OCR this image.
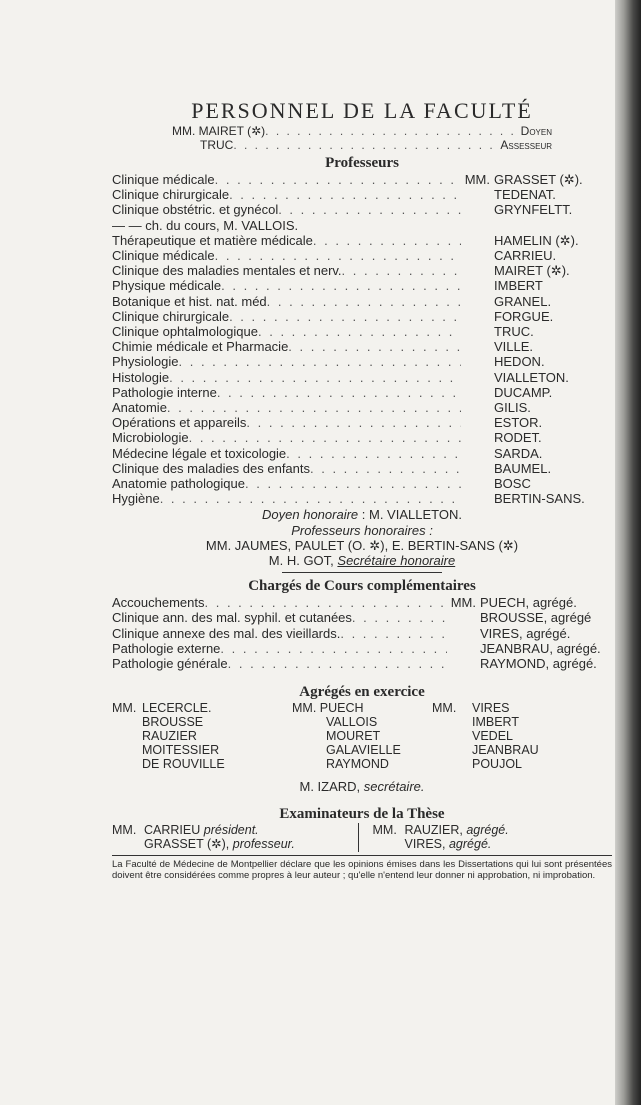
PERSONNEL DE LA FACULTÉ
MM. MAIRET (✲) . . .	Doyen
TRUC . . .	Assesseur
Professeurs
Clinique médicale . . .	MM. GRASSET (✲).
Clinique chirurgicale . . .	TEDENAT.
Clinique obstétric. et gynécol . . .	GRYNFELTT.
— — ch. du cours, M. VALLOIS.
Thérapeutique et matière médicale . . .	HAMELIN (✲).
Clinique médicale . . .	CARRIEU.
Clinique des maladies mentales et nerv. . . .	MAIRET (✲).
Physique médicale . . .	IMBERT
Botanique et hist. nat. méd . . .	GRANEL.
Clinique chirurgicale . . .	FORGUE.
Clinique ophtalmologique . . .	TRUC.
Chimie médicale et Pharmacie . . .	VILLE.
Physiologie . . .	HEDON.
Histologie . . .	VIALLETON.
Pathologie interne . . .	DUCAMP.
Anatomie . . .	GILIS.
Opérations et appareils . . .	ESTOR.
Microbiologie . . .	RODET.
Médecine légale et toxicologie . . .	SARDA.
Clinique des maladies des enfants . . .	BAUMEL.
Anatomie pathologique . . .	BOSC
Hygiène . . .	BERTIN-SANS.
Doyen honoraire : M. VIALLETON.
Professeurs honoraires :
MM. JAUMES, PAULET (O. ✲), E. BERTIN-SANS (✲)
M. H. GOT, Secrétaire honoraire
Chargés de Cours complémentaires
Accouchements . . .	MM. PUECH, agrégé.
Clinique ann. des mal. syphil. et cutanées . . .	BROUSSE, agrégé
Clinique annexe des mal. des vieillards. . . .	VIRES, agrégé.
Pathologie externe . . .	JEANBRAU, agrégé.
Pathologie générale . . .	RAYMOND, agrégé.
Agrégés en exercice
MM. LECERCLE.	MM. PUECH	MM.	VIRES
BROUSSE	VALLOIS	IMBERT
RAUZIER	MOURET	VEDEL
MOITESSIER	GALAVIELLE	JEANBRAU
DE ROUVILLE	RAYMOND	POUJOL
M. IZARD, secrétaire.
Examinateurs de la Thèse
MM. CARRIEU président.
GRASSET (✲), professeur.
MM. RAUZIER, agrégé.
VIRES, agrégé.
La Faculté de Médecine de Montpellier déclare que les opinions émises dans les Dissertations qui lui sont présentées doivent être considérées comme propres à leur auteur ; qu'elle n'entend leur donner ni approbation, ni improbation.
